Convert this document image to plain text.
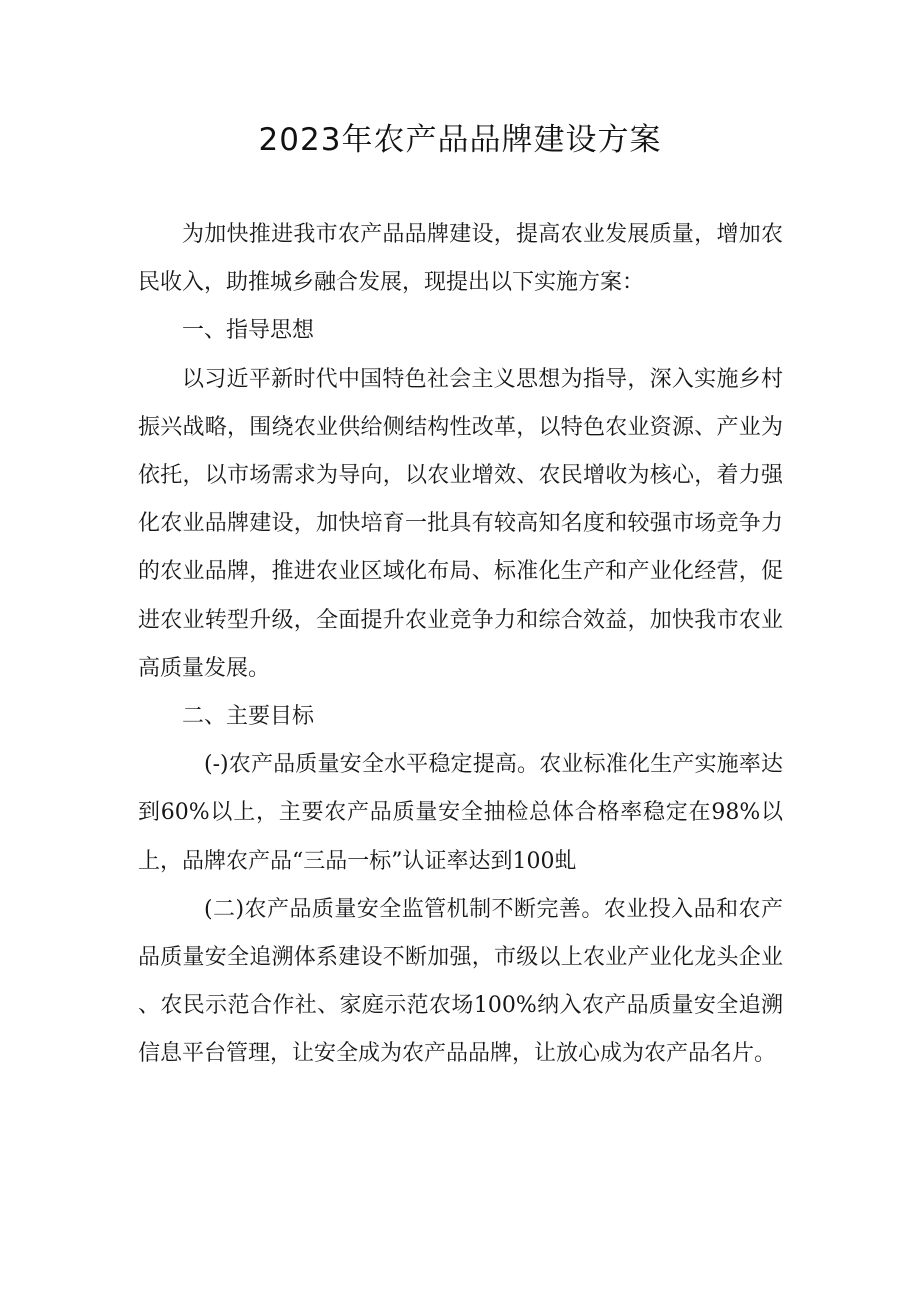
2023年农产品品牌建设方案

为加快推进我市农产品品牌建设，提高农业发展质量，增加农民收入，助推城乡融合发展，现提出以下实施方案：

一、指导思想

以习近平新时代中国特色社会主义思想为指导，深入实施乡村振兴战略，围绕农业供给侧结构性改革，以特色农业资源、产业为依托，以市场需求为导向，以农业增效、农民增收为核心，着力强化农业品牌建设，加快培育一批具有较高知名度和较强市场竞争力的农业品牌，推进农业区域化布局、标准化生产和产业化经营，促进农业转型升级，全面提升农业竞争力和综合效益，加快我市农业高质量发展。

二、主要目标

(-)农产品质量安全水平稳定提高。农业标准化生产实施率达到60%以上，主要农产品质量安全抽检总体合格率稳定在98%以上，品牌农产品“三品一标”认证率达到100虬

(二)农产品质量安全监管机制不断完善。农业投入品和农产品质量安全追溯体系建设不断加强，市级以上农业产业化龙头企业、农民示范合作社、家庭示范农场100%纳入农产品质量安全追溯信息平台管理，让安全成为农产品品牌，让放心成为农产品名片。
